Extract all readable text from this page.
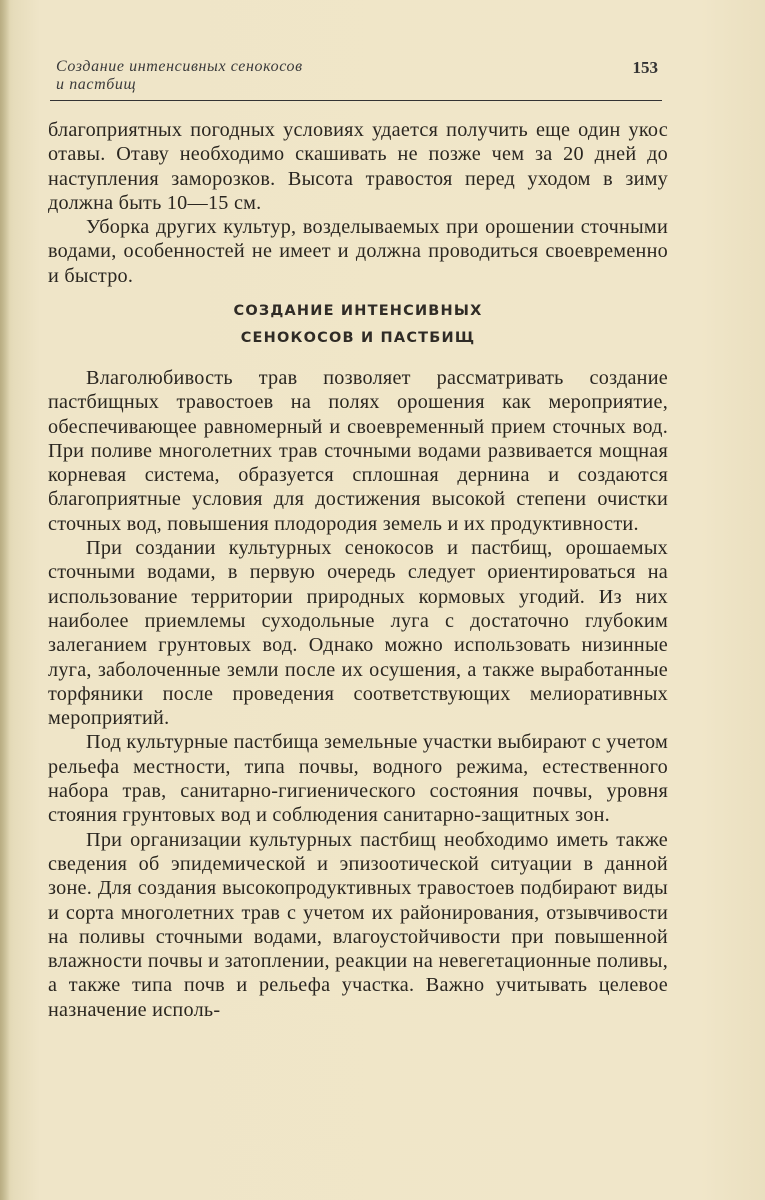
Создание интенсивных сенокосов
и пастбищ
153

благоприятных погодных условиях удается получить еще один укос отавы. Отаву необходимо скашивать не позже чем за 20 дней до наступления заморозков. Высота травостоя перед уходом в зиму должна быть 10—15 см.

Уборка других культур, возделываемых при орошении сточными водами, особенностей не имеет и должна проводиться своевременно и быстро.

СОЗДАНИЕ ИНТЕНСИВНЫХ
СЕНОКОСОВ И ПАСТБИЩ

Влаголюбивость трав позволяет рассматривать создание пастбищных травостоев на полях орошения как мероприятие, обеспечивающее равномерный и своевременный прием сточных вод. При поливе многолетних трав сточными водами развивается мощная корневая система, образуется сплошная дернина и создаются благоприятные условия для достижения высокой степени очистки сточных вод, повышения плодородия земель и их продуктивности.

При создании культурных сенокосов и пастбищ, орошаемых сточными водами, в первую очередь следует ориентироваться на использование территории природных кормовых угодий. Из них наиболее приемлемы суходольные луга с достаточно глубоким залеганием грунтовых вод. Однако можно использовать низинные луга, заболоченные земли после их осушения, а также выработанные торфяники после проведения соответствующих мелиоративных мероприятий.

Под культурные пастбища земельные участки выбирают с учетом рельефа местности, типа почвы, водного режима, естественного набора трав, санитарно-гигиенического состояния почвы, уровня стояния грунтовых вод и соблюдения санитарно-защитных зон.

При организации культурных пастбищ необходимо иметь также сведения об эпидемической и эпизоотической ситуации в данной зоне. Для создания высокопродуктивных травостоев подбирают виды и сорта многолетних трав с учетом их районирования, отзывчивости на поливы сточными водами, влагоустойчивости при повышенной влажности почвы и затоплении, реакции на невегетационные поливы, а также типа почв и рельефа участка. Важно учитывать целевое назначение исполь-
